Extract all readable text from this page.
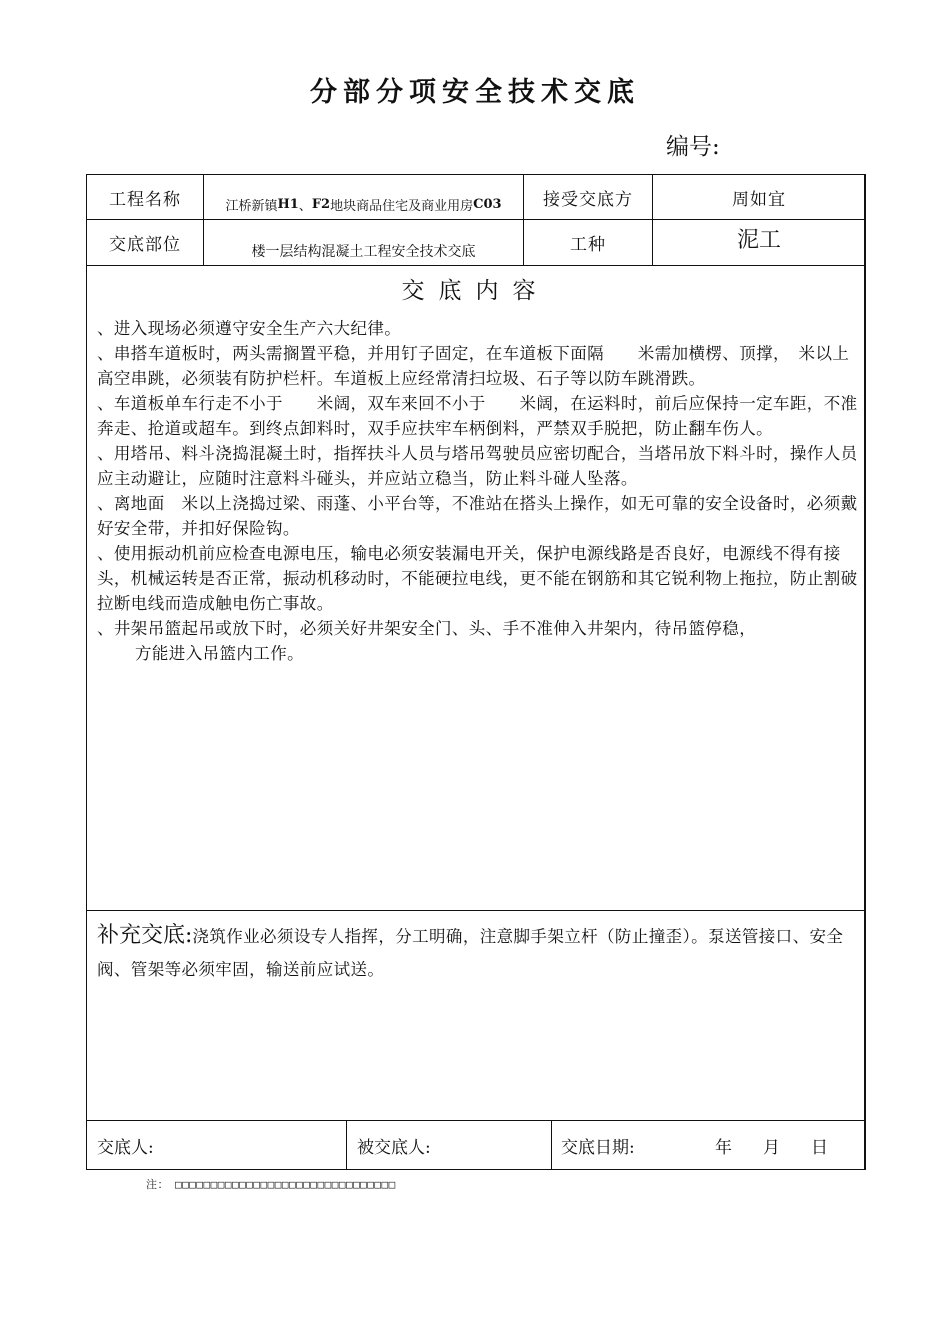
分部分项安全技术交底
编号:
工程名称	江桥新镇 H1 、 F2 地块商品住宅及商业用房 C03	接受交底方	周如宜
交底部位	楼一层结构混凝土工程安全技术交底	工种	泥工
交底内容

、进入现场必须遵守安全生产六大纪律。

、串搭车道板时，两头需搁置平稳，并用钉子固定，在车道板下面隔　　米需加横楞、顶撑，　米以上高空串跳，必须装有防护栏杆。车道板上应经常清扫垃圾、石子等以防车跳滑跌。

、车道板单车行走不小于　　米阔，双车来回不小于　　米阔，在运料时，前后应保持一定车距，不准奔走、抢道或超车。到终点卸料时，双手应扶牢车柄倒料，严禁双手脱把，防止翻车伤人。

、用塔吊、料斗浇捣混凝土时，指挥扶斗人员与塔吊驾驶员应密切配合，当塔吊放下料斗时，操作人员应主动避让，应随时注意料斗碰头，并应站立稳当，防止料斗碰人坠落。

、离地面　米以上浇捣过梁、雨蓬、小平台等，不准站在搭头上操作，如无可靠的安全设备时，必须戴好安全带，并扣好保险钩。

、使用振动机前应检查电源电压，输电必须安装漏电开关，保护电源线路是否良好，电源线不得有接头，机械运转是否正常，振动机移动时，不能硬拉电线，更不能在钢筋和其它锐利物上拖拉，防止割破拉断电线而造成触电伤亡事故。

、井架吊篮起吊或放下时，必须关好井架安全门、头、手不准伸入井架内，待吊篮停稳，

方能进入吊篮内工作。

补充交底:浇筑作业必须设专人指挥，分工明确，注意脚手架立杆（防止撞歪）。泵送管接口、安全阀、管架等必须牢固，输送前应试送。
交底人:	被交底人:	交底日期:	年 月 日
注：　□□□□□□□□□□□□□□□□□□□□□□□□□□□□□□□
